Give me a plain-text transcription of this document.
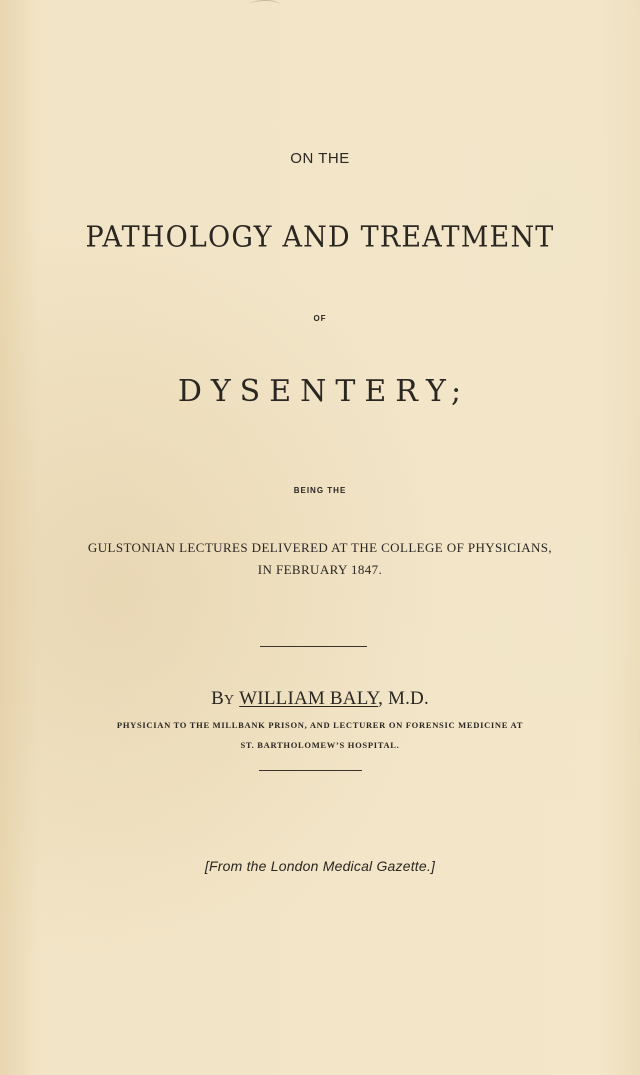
ON THE
PATHOLOGY AND TREATMENT
OF
DYSENTERY;
BEING THE
GULSTONIAN LECTURES DELIVERED AT THE COLLEGE OF PHYSICIANS,
IN FEBRUARY 1847.
BY WILLIAM BALY, M.D.
PHYSICIAN TO THE MILLBANK PRISON, AND LECTURER ON FORENSIC MEDICINE AT
ST. BARTHOLOMEW’S HOSPITAL.
[From the London Medical Gazette.]
